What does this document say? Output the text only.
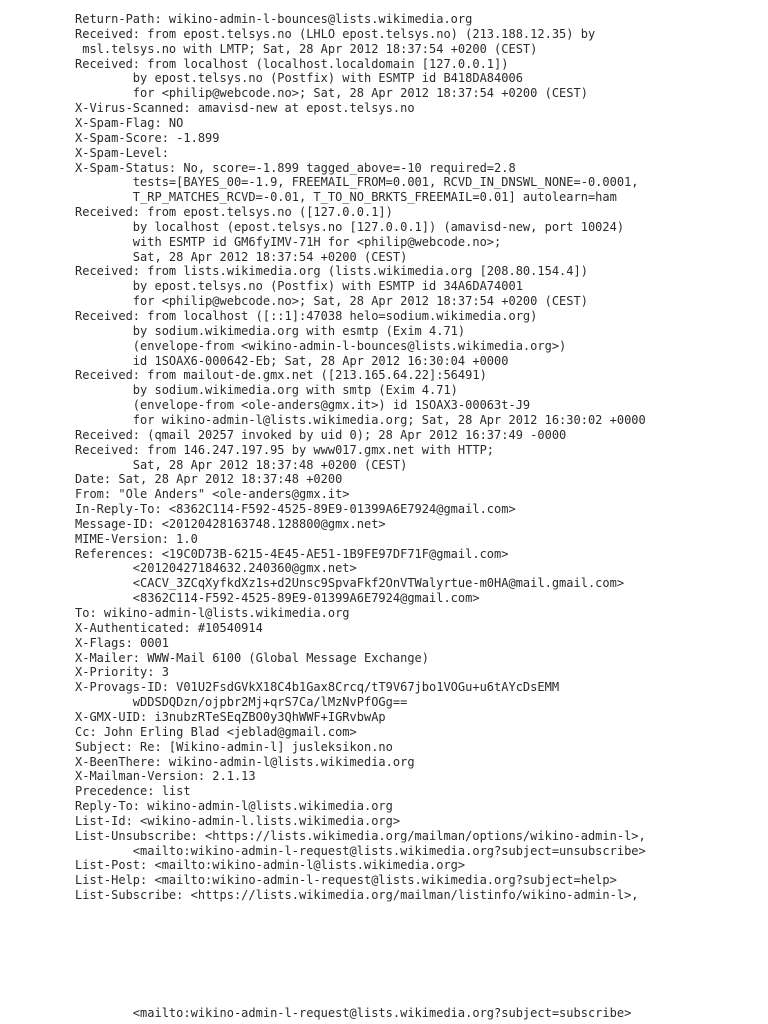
Return-Path: wikino-admin-l-bounces@lists.wikimedia.org
Received: from epost.telsys.no (LHLO epost.telsys.no) (213.188.12.35) by
msl.telsys.no with LMTP; Sat, 28 Apr 2012 18:37:54 +0200 (CEST)
Received: from localhost (localhost.localdomain [127.0.0.1])
by epost.telsys.no (Postfix) with ESMTP id B418DA84006
for <philip@webcode.no>; Sat, 28 Apr 2012 18:37:54 +0200 (CEST)
X-Virus-Scanned: amavisd-new at epost.telsys.no
X-Spam-Flag: NO
X-Spam-Score: -1.899
X-Spam-Level:
X-Spam-Status: No, score=-1.899 tagged_above=-10 required=2.8
tests=[BAYES_00=-1.9, FREEMAIL_FROM=0.001, RCVD_IN_DNSWL_NONE=-0.0001,
T_RP_MATCHES_RCVD=-0.01, T_TO_NO_BRKTS_FREEMAIL=0.01] autolearn=ham
Received: from epost.telsys.no ([127.0.0.1])
by localhost (epost.telsys.no [127.0.0.1]) (amavisd-new, port 10024)
with ESMTP id GM6fyIMV-71H for <philip@webcode.no>;
Sat, 28 Apr 2012 18:37:54 +0200 (CEST)
Received: from lists.wikimedia.org (lists.wikimedia.org [208.80.154.4])
by epost.telsys.no (Postfix) with ESMTP id 34A6DA74001
for <philip@webcode.no>; Sat, 28 Apr 2012 18:37:54 +0200 (CEST)
Received: from localhost ([::1]:47038 helo=sodium.wikimedia.org)
by sodium.wikimedia.org with esmtp (Exim 4.71)
(envelope-from <wikino-admin-l-bounces@lists.wikimedia.org>)
id 1SOAX6-000642-Eb; Sat, 28 Apr 2012 16:30:04 +0000
Received: from mailout-de.gmx.net ([213.165.64.22]:56491)
by sodium.wikimedia.org with smtp (Exim 4.71)
(envelope-from <ole-anders@gmx.it>) id 1SOAX3-00063t-J9
for wikino-admin-l@lists.wikimedia.org; Sat, 28 Apr 2012 16:30:02 +0000
Received: (qmail 20257 invoked by uid 0); 28 Apr 2012 16:37:49 -0000
Received: from 146.247.197.95 by www017.gmx.net with HTTP;
Sat, 28 Apr 2012 18:37:48 +0200 (CEST)
Date: Sat, 28 Apr 2012 18:37:48 +0200
From: "Ole Anders" <ole-anders@gmx.it>
In-Reply-To: <8362C114-F592-4525-89E9-01399A6E7924@gmail.com>
Message-ID: <20120428163748.128800@gmx.net>
MIME-Version: 1.0
References: <19C0D73B-6215-4E45-AE51-1B9FE97DF71F@gmail.com>
<20120427184632.240360@gmx.net>
<CACV_3ZCqXyfkdXz1s+d2Unsc9SpvaFkf2OnVTWalyrtue-m0HA@mail.gmail.com>
<8362C114-F592-4525-89E9-01399A6E7924@gmail.com>
To: wikino-admin-l@lists.wikimedia.org
X-Authenticated: #10540914
X-Flags: 0001
X-Mailer: WWW-Mail 6100 (Global Message Exchange)
X-Priority: 3
X-Provags-ID: V01U2FsdGVkX18C4b1Gax8Crcq/tT9V67jbo1VOGu+u6tAYcDsEMM
wDDSDQDzn/ojpbr2Mj+qrS7Ca/lMzNvPfOGg==
X-GMX-UID: i3nubzRTeSEqZBO0y3QhWWF+IGRvbwAp
Cc: John Erling Blad <jeblad@gmail.com>
Subject: Re: [Wikino-admin-l] jusleksikon.no
X-BeenThere: wikino-admin-l@lists.wikimedia.org
X-Mailman-Version: 2.1.13
Precedence: list
Reply-To: wikino-admin-l@lists.wikimedia.org
List-Id: <wikino-admin-l.lists.wikimedia.org>
List-Unsubscribe: <https://lists.wikimedia.org/mailman/options/wikino-admin-l>,
<mailto:wikino-admin-l-request@lists.wikimedia.org?subject=unsubscribe>
List-Post: <mailto:wikino-admin-l@lists.wikimedia.org>
List-Help: <mailto:wikino-admin-l-request@lists.wikimedia.org?subject=help>
List-Subscribe: <https://lists.wikimedia.org/mailman/listinfo/wikino-admin-l>,
<mailto:wikino-admin-l-request@lists.wikimedia.org?subject=subscribe>
